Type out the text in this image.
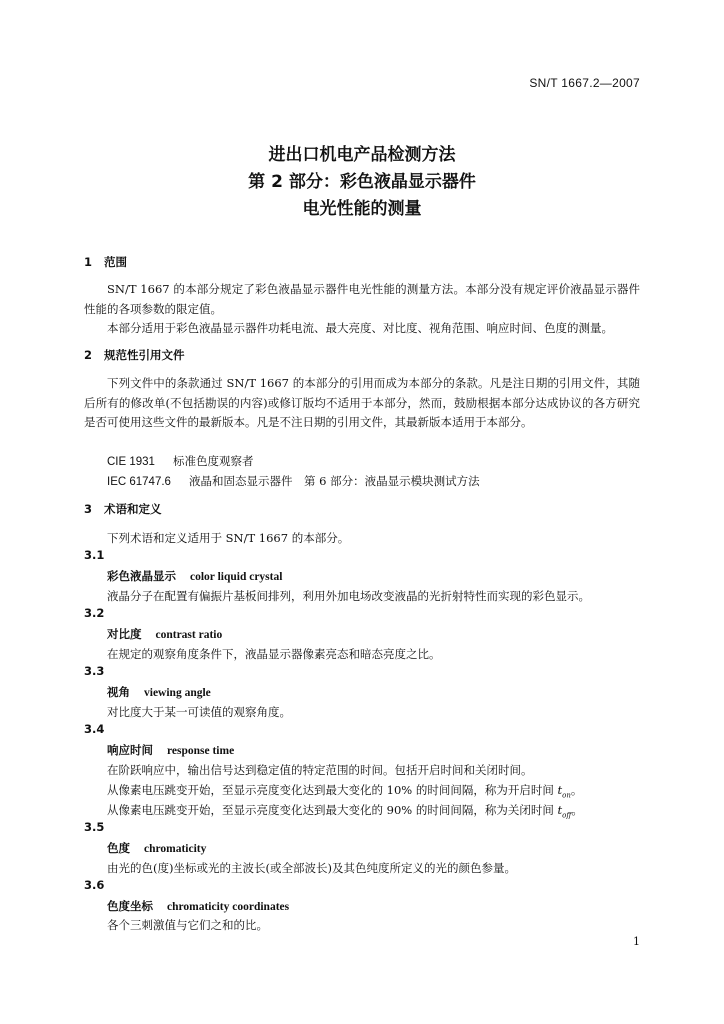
SN/T 1667.2—2007
进出口机电产品检测方法
第 2 部分：彩色液晶显示器件
电光性能的测量
1 范围
SN/T 1667 的本部分规定了彩色液晶显示器件电光性能的测量方法。本部分没有规定评价液晶显示器件性能的各项参数的限定值。
本部分适用于彩色液晶显示器件功耗电流、最大亮度、对比度、视角范围、响应时间、色度的测量。
2 规范性引用文件
下列文件中的条款通过 SN/T 1667 的本部分的引用而成为本部分的条款。凡是注日期的引用文件，其随后所有的修改单(不包括勘误的内容)或修订版均不适用于本部分，然而，鼓励根据本部分达成协议的各方研究是否可使用这些文件的最新版本。凡是不注日期的引用文件，其最新版本适用于本部分。
CIE 1931 标准色度观察者
IEC 61747.6 液晶和固态显示器件　第 6 部分：液晶显示模块测试方法
3 术语和定义
下列术语和定义适用于 SN/T 1667 的本部分。
3.1
彩色液晶显示 color liquid crystal
液晶分子在配置有偏振片基板间排列，利用外加电场改变液晶的光折射特性而实现的彩色显示。
3.2
对比度 contrast ratio
在规定的观察角度条件下，液晶显示器像素亮态和暗态亮度之比。
3.3
视角 viewing angle
对比度大于某一可读值的观察角度。
3.4
响应时间 response time
在阶跃响应中，输出信号达到稳定值的特定范围的时间。包括开启时间和关闭时间。
从像素电压跳变开始，至显示亮度变化达到最大变化的 10% 的时间间隔，称为开启时间 $t_{on}$。
从像素电压跳变开始，至显示亮度变化达到最大变化的 90% 的时间间隔，称为关闭时间 $t_{off}$。
3.5
色度 chromaticity
由光的色(度)坐标或光的主波长(或全部波长)及其色纯度所定义的光的颜色参量。
3.6
色度坐标 chromaticity coordinates
各个三刺激值与它们之和的比。
1
